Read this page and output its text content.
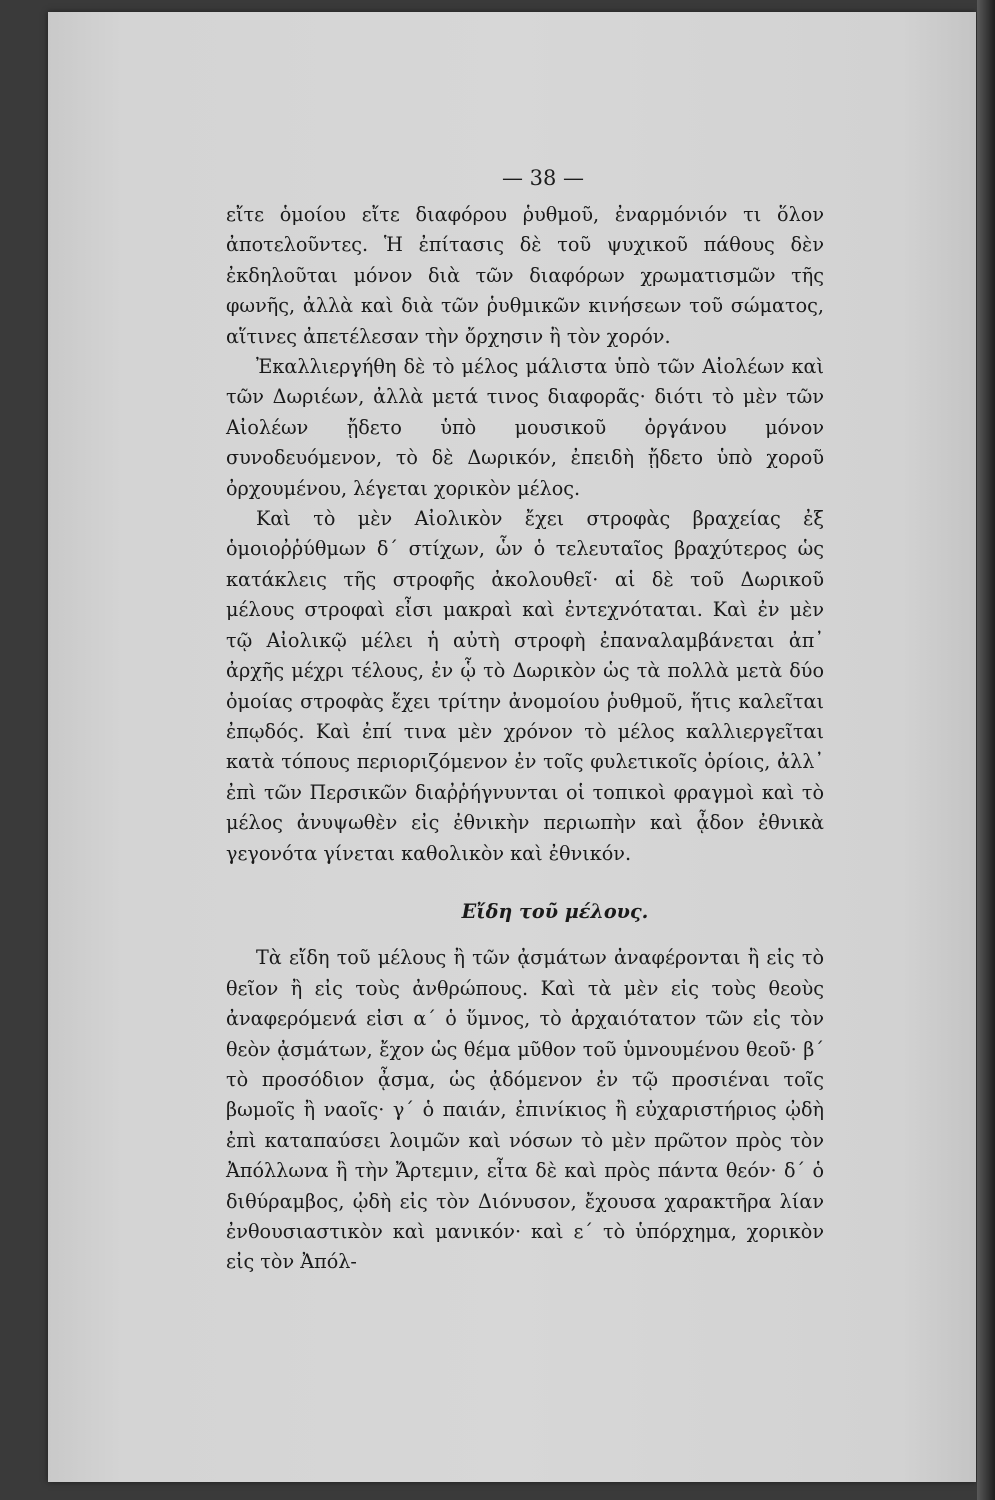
— 38 —

εἴτε ὁμοίου εἴτε διαφόρου ῥυθμοῦ, ἐναρμόνιόν τι ὅλον ἀποτελοῦντες. Ἡ ἐπίτασις δὲ τοῦ ψυχικοῦ πάθους δὲν ἐκδηλοῦται μόνον διὰ τῶν διαφόρων χρωματισμῶν τῆς φωνῆς, ἀλλὰ καὶ διὰ τῶν ῥυθμικῶν κινήσεων τοῦ σώματος, αἵτινες ἀπετέλεσαν τὴν ὄρχησιν ἢ τὸν χορόν.

Ἐκαλλιεργήθη δὲ τὸ μέλος μάλιστα ὑπὸ τῶν Αἰολέων καὶ τῶν Δωριέων, ἀλλὰ μετά τινος διαφορᾶς· διότι τὸ μὲν τῶν Αἰολέων ᾔδετο ὑπὸ μουσικοῦ ὀργάνου μόνον συνοδευόμενον, τὸ δὲ Δωρικόν, ἐπειδὴ ᾔδετο ὑπὸ χοροῦ ὀρχουμένου, λέγεται χορικὸν μέλος.

Καὶ τὸ μὲν Αἰολικὸν ἔχει στροφὰς βραχείας ἐξ ὁμοιοῤῥύθμων δ΄ στίχων, ὧν ὁ τελευταῖος βραχύτερος ὡς κατάκλεις τῆς στροφῆς ἀκολουθεῖ· αἱ δὲ τοῦ Δωρικοῦ μέλους στροφαὶ εἶσι μακραὶ καὶ ἐντεχνόταται. Καὶ ἐν μὲν τῷ Αἰολικῷ μέλει ἡ αὐτὴ στροφὴ ἐπαναλαμβάνεται ἀπ᾽ ἀρχῆς μέχρι τέλους, ἐν ᾧ τὸ Δωρικὸν ὡς τὰ πολλὰ μετὰ δύο ὁμοίας στροφὰς ἔχει τρίτην ἀνομοίου ῥυθμοῦ, ἥτις καλεῖται ἐπῳδός. Καὶ ἐπί τινα μὲν χρόνον τὸ μέλος καλλιεργεῖται κατὰ τόπους περιοριζόμενον ἐν τοῖς φυλετικοῖς ὁρίοις, ἀλλ᾽ ἐπὶ τῶν Περσικῶν διαῤῥήγνυνται οἱ τοπικοὶ φραγμοὶ καὶ τὸ μέλος ἀνυψωθὲν εἰς ἐθνικὴν περιωπὴν καὶ ᾆδον ἐθνικὰ γεγονότα γίνεται καθολικὸν καὶ ἐθνικόν.

Εἴδη τοῦ μέλους.

Τὰ εἴδη τοῦ μέλους ἢ τῶν ᾀσμάτων ἀναφέρονται ἢ εἰς τὸ θεῖον ἢ εἰς τοὺς ἀνθρώπους. Καὶ τὰ μὲν εἰς τοὺς θεοὺς ἀναφερόμενά εἰσι α΄ ὁ ὕμνος, τὸ ἀρχαιότατον τῶν εἰς τὸν θεὸν ᾀσμάτων, ἔχον ὡς θέμα μῦθον τοῦ ὑμνουμένου θεοῦ· β΄ τὸ προσόδιον ᾆσμα, ὡς ᾀδόμενον ἐν τῷ προσιέναι τοῖς βωμοῖς ἢ ναοῖς· γ΄ ὁ παιάν, ἐπινίκιος ἢ εὐχαριστήριος ᾠδὴ ἐπὶ καταπαύσει λοιμῶν καὶ νόσων τὸ μὲν πρῶτον πρὸς τὸν Ἀπόλλωνα ἢ τὴν Ἄρτεμιν, εἶτα δὲ καὶ πρὸς πάντα θεόν· δ΄ ὁ διθύραμβος, ᾠδὴ εἰς τὸν Διόνυσον, ἔχουσα χαρακτῆρα λίαν ἐνθουσιαστικὸν καὶ μανικόν· καὶ ε΄ τὸ ὑπόρχημα, χορικὸν εἰς τὸν Ἀπόλ-
